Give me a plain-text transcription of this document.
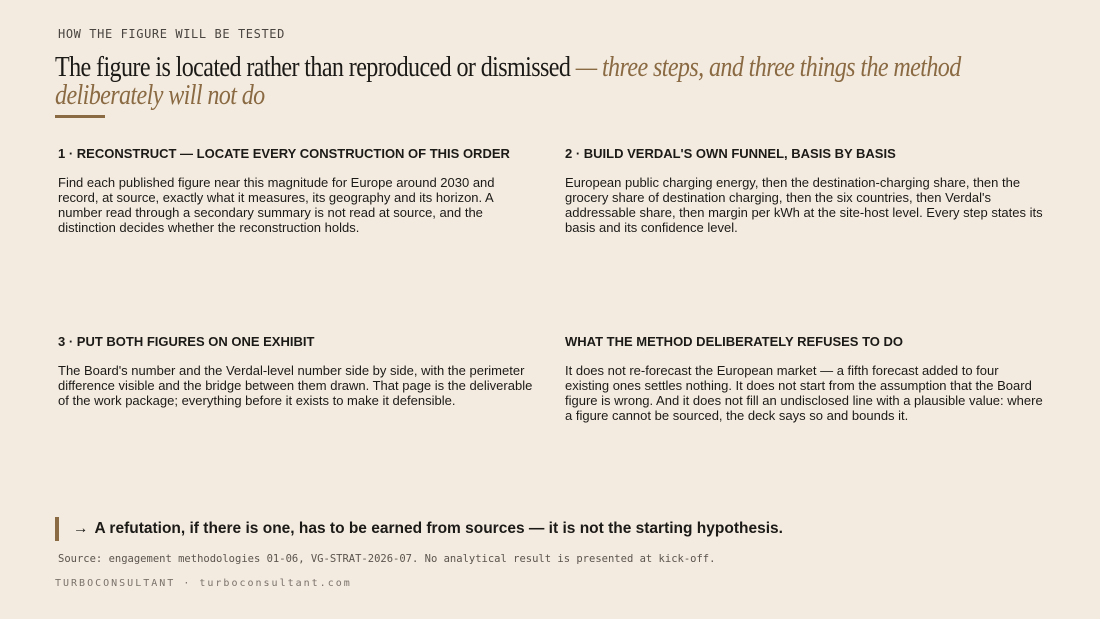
HOW THE FIGURE WILL BE TESTED
The figure is located rather than reproduced or dismissed — three steps, and three things the method deliberately will not do
1 · RECONSTRUCT — LOCATE EVERY CONSTRUCTION OF THIS ORDER

Find each published figure near this magnitude for Europe around 2030 and record, at source, exactly what it measures, its geography and its horizon. A number read through a secondary summary is not read at source, and the distinction decides whether the reconstruction holds.

2 · BUILD VERDAL'S OWN FUNNEL, BASIS BY BASIS

European public charging energy, then the destination-charging share, then the grocery share of destination charging, then the six countries, then Verdal's addressable share, then margin per kWh at the site-host level. Every step states its basis and its confidence level.

3 · PUT BOTH FIGURES ON ONE EXHIBIT

The Board's number and the Verdal-level number side by side, with the perimeter difference visible and the bridge between them drawn. That page is the deliverable of the work package; everything before it exists to make it defensible.

WHAT THE METHOD DELIBERATELY REFUSES TO DO

It does not re-forecast the European market — a fifth forecast added to four existing ones settles nothing. It does not start from the assumption that the Board figure is wrong. And it does not fill an undisclosed line with a plausible value: where a figure cannot be sourced, the deck says so and bounds it.

→ A refutation, if there is one, has to be earned from sources — it is not the starting hypothesis.
Source: engagement methodologies 01-06, VG-STRAT-2026-07. No analytical result is presented at kick-off.
TURBOCONSULTANT · turboconsultant.com
